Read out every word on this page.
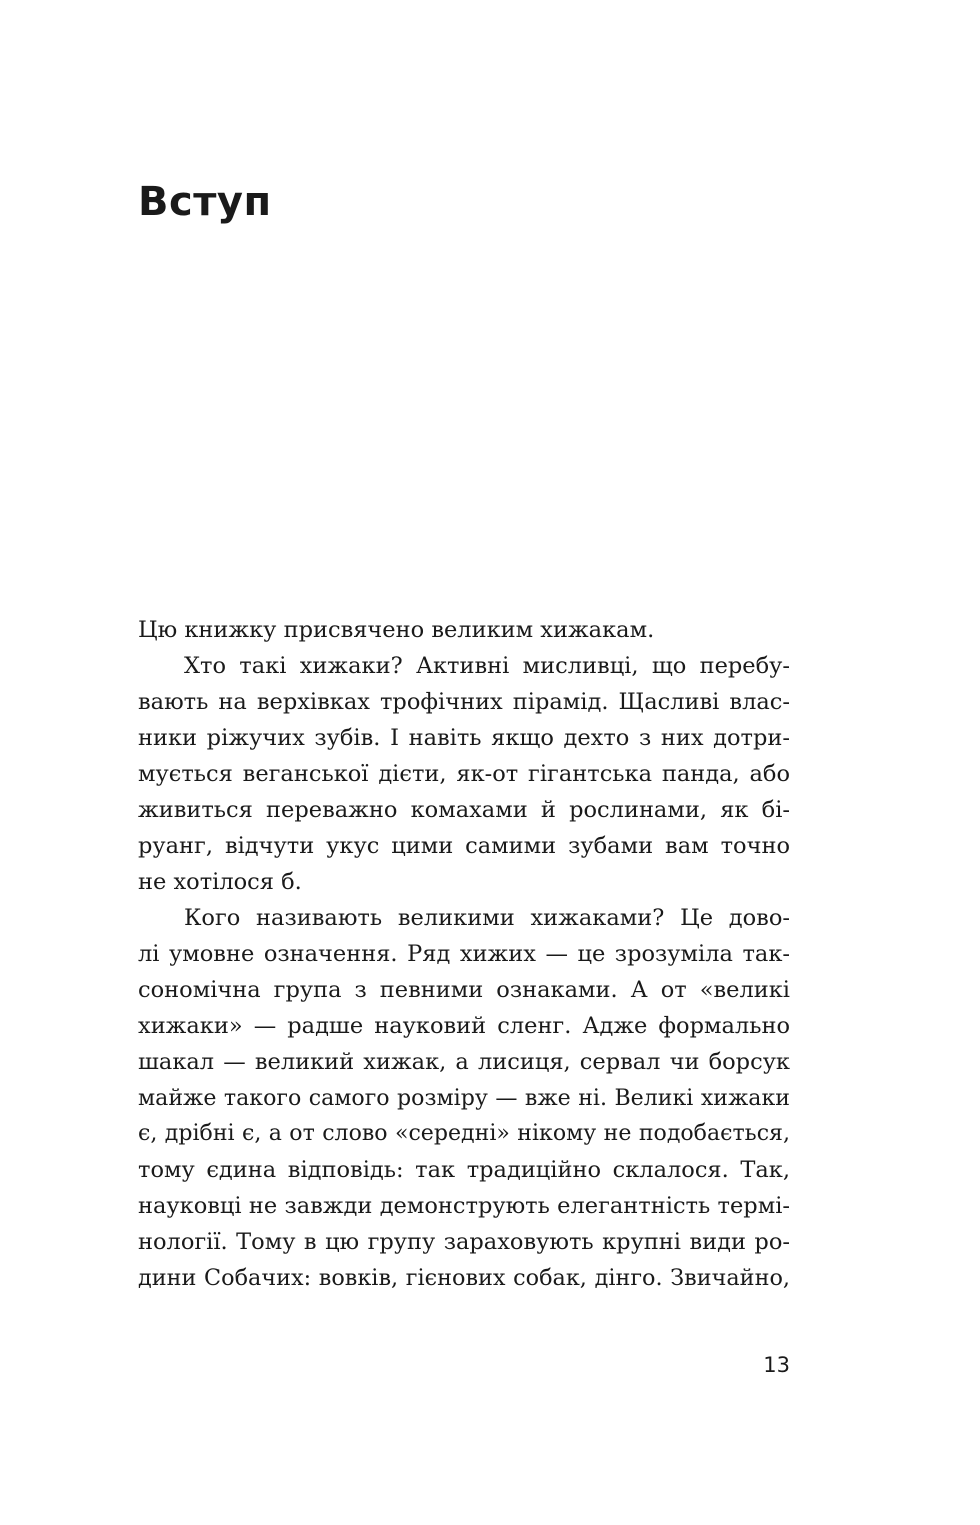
Вступ
Цю книжку присвячено великим хижакам.
Хто такі хижаки? Активні мисливці, що перебу-
вають на верхівках трофічних пірамід. Щасливі влас-
ники ріжучих зубів. І навіть якщо дехто з них дотри-
мується веганської дієти, як-от гігантська панда, або
живиться переважно комахами й рослинами, як бі-
руанг, відчути укус цими самими зубами вам точно
не хотілося б.
Кого називають великими хижаками? Це дово-
лі умовне означення. Ряд хижих — це зрозуміла так-
сономічна група з певними ознаками. А от «великі
хижаки» — радше науковий сленг. Адже формально
шакал — великий хижак, а лисиця, сервал чи борсук
майже такого самого розміру — вже ні. Великі хижаки
є, дрібні є, а от слово «середні» нікому не подобається,
тому єдина відповідь: так традиційно склалося. Так,
науковці не завжди демонструють елегантність термі-
нології. Тому в цю групу зараховують крупні види ро-
дини Собачих: вовків, гієнових собак, дінго. Звичайно,
13
